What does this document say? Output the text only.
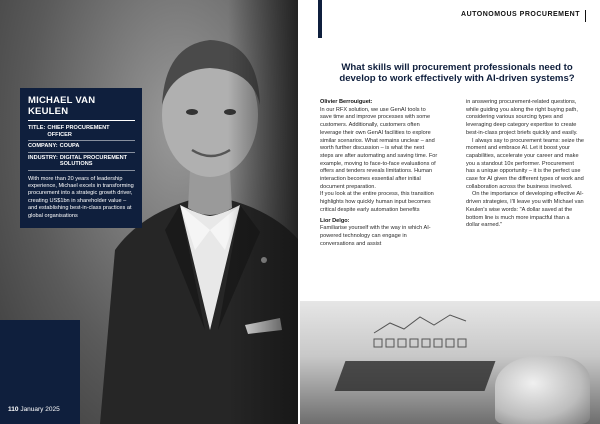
MICHAEL VAN KEULEN
TITLE: CHIEF PROCUREMENT OFFICER
COMPANY: COUPA
INDUSTRY: DIGITAL PROCUREMENT SOLUTIONS
With more than 20 years of leadership experience, Michael excels in transforming procurement into a strategic growth driver, creating US$1bn in shareholder value – and establishing best-in-class practices at global organisations
110 January 2025
AUTONOMOUS PROCUREMENT
What skills will procurement professionals need to develop to work effectively with AI-driven systems?

Olivier Berrouiguet:

In our RFX solution, we use GenAI tools to save time and improve processes with some customers. Additionally, customers often leverage their own GenAI facilities to explore similar scenarios. What remains unclear – and worth further discussion – is what the next steps are after automating and saving time. For example, moving to face-to-face evaluations of offers and tenders reveals limitations. Human interaction becomes essential after initial document preparation.

If you look at the entire process, this transition highlights how quickly human input becomes critical despite early automation benefits

Lior Delgo:

Familiarise yourself with the way in which AI-powered technology can engage in conversations and assist

in answering procurement-related questions, while guiding you along the right buying path, considering various sourcing types and leveraging deep category expertise to create best-in-class project briefs quickly and easily.

I always say to procurement teams: seize the moment and embrace AI. Let it boost your capabilities, accelerate your career and make you a standout 10x performer. Procurement has a unique opportunity – it is the perfect use case for AI given the different types of work and collaboration across the business involved.

On the importance of developing effective AI-driven strategies, I'll leave you with Michael van Keulen's wise words: "A dollar saved at the bottom line is much more impactful than a dollar earned."
